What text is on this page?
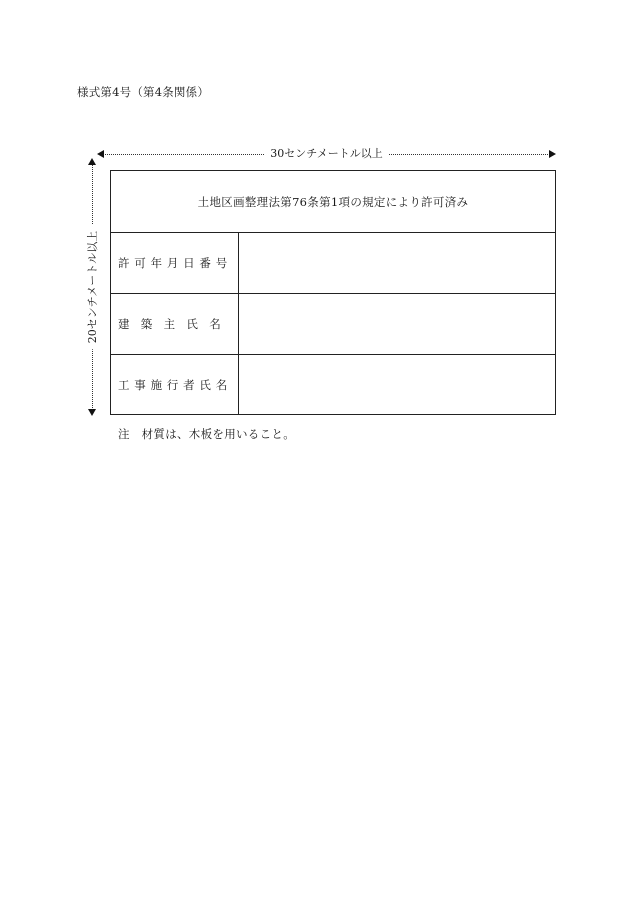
様式第4号（第4条関係）
30センチメートル以上
20センチメートル以上
土地区画整理法第76条第1項の規定により許可済み
許 可 年 月 日 番 号
建 築 主 氏 名
工 事 施 行 者 氏 名
注　材質は、木板を用いること。
